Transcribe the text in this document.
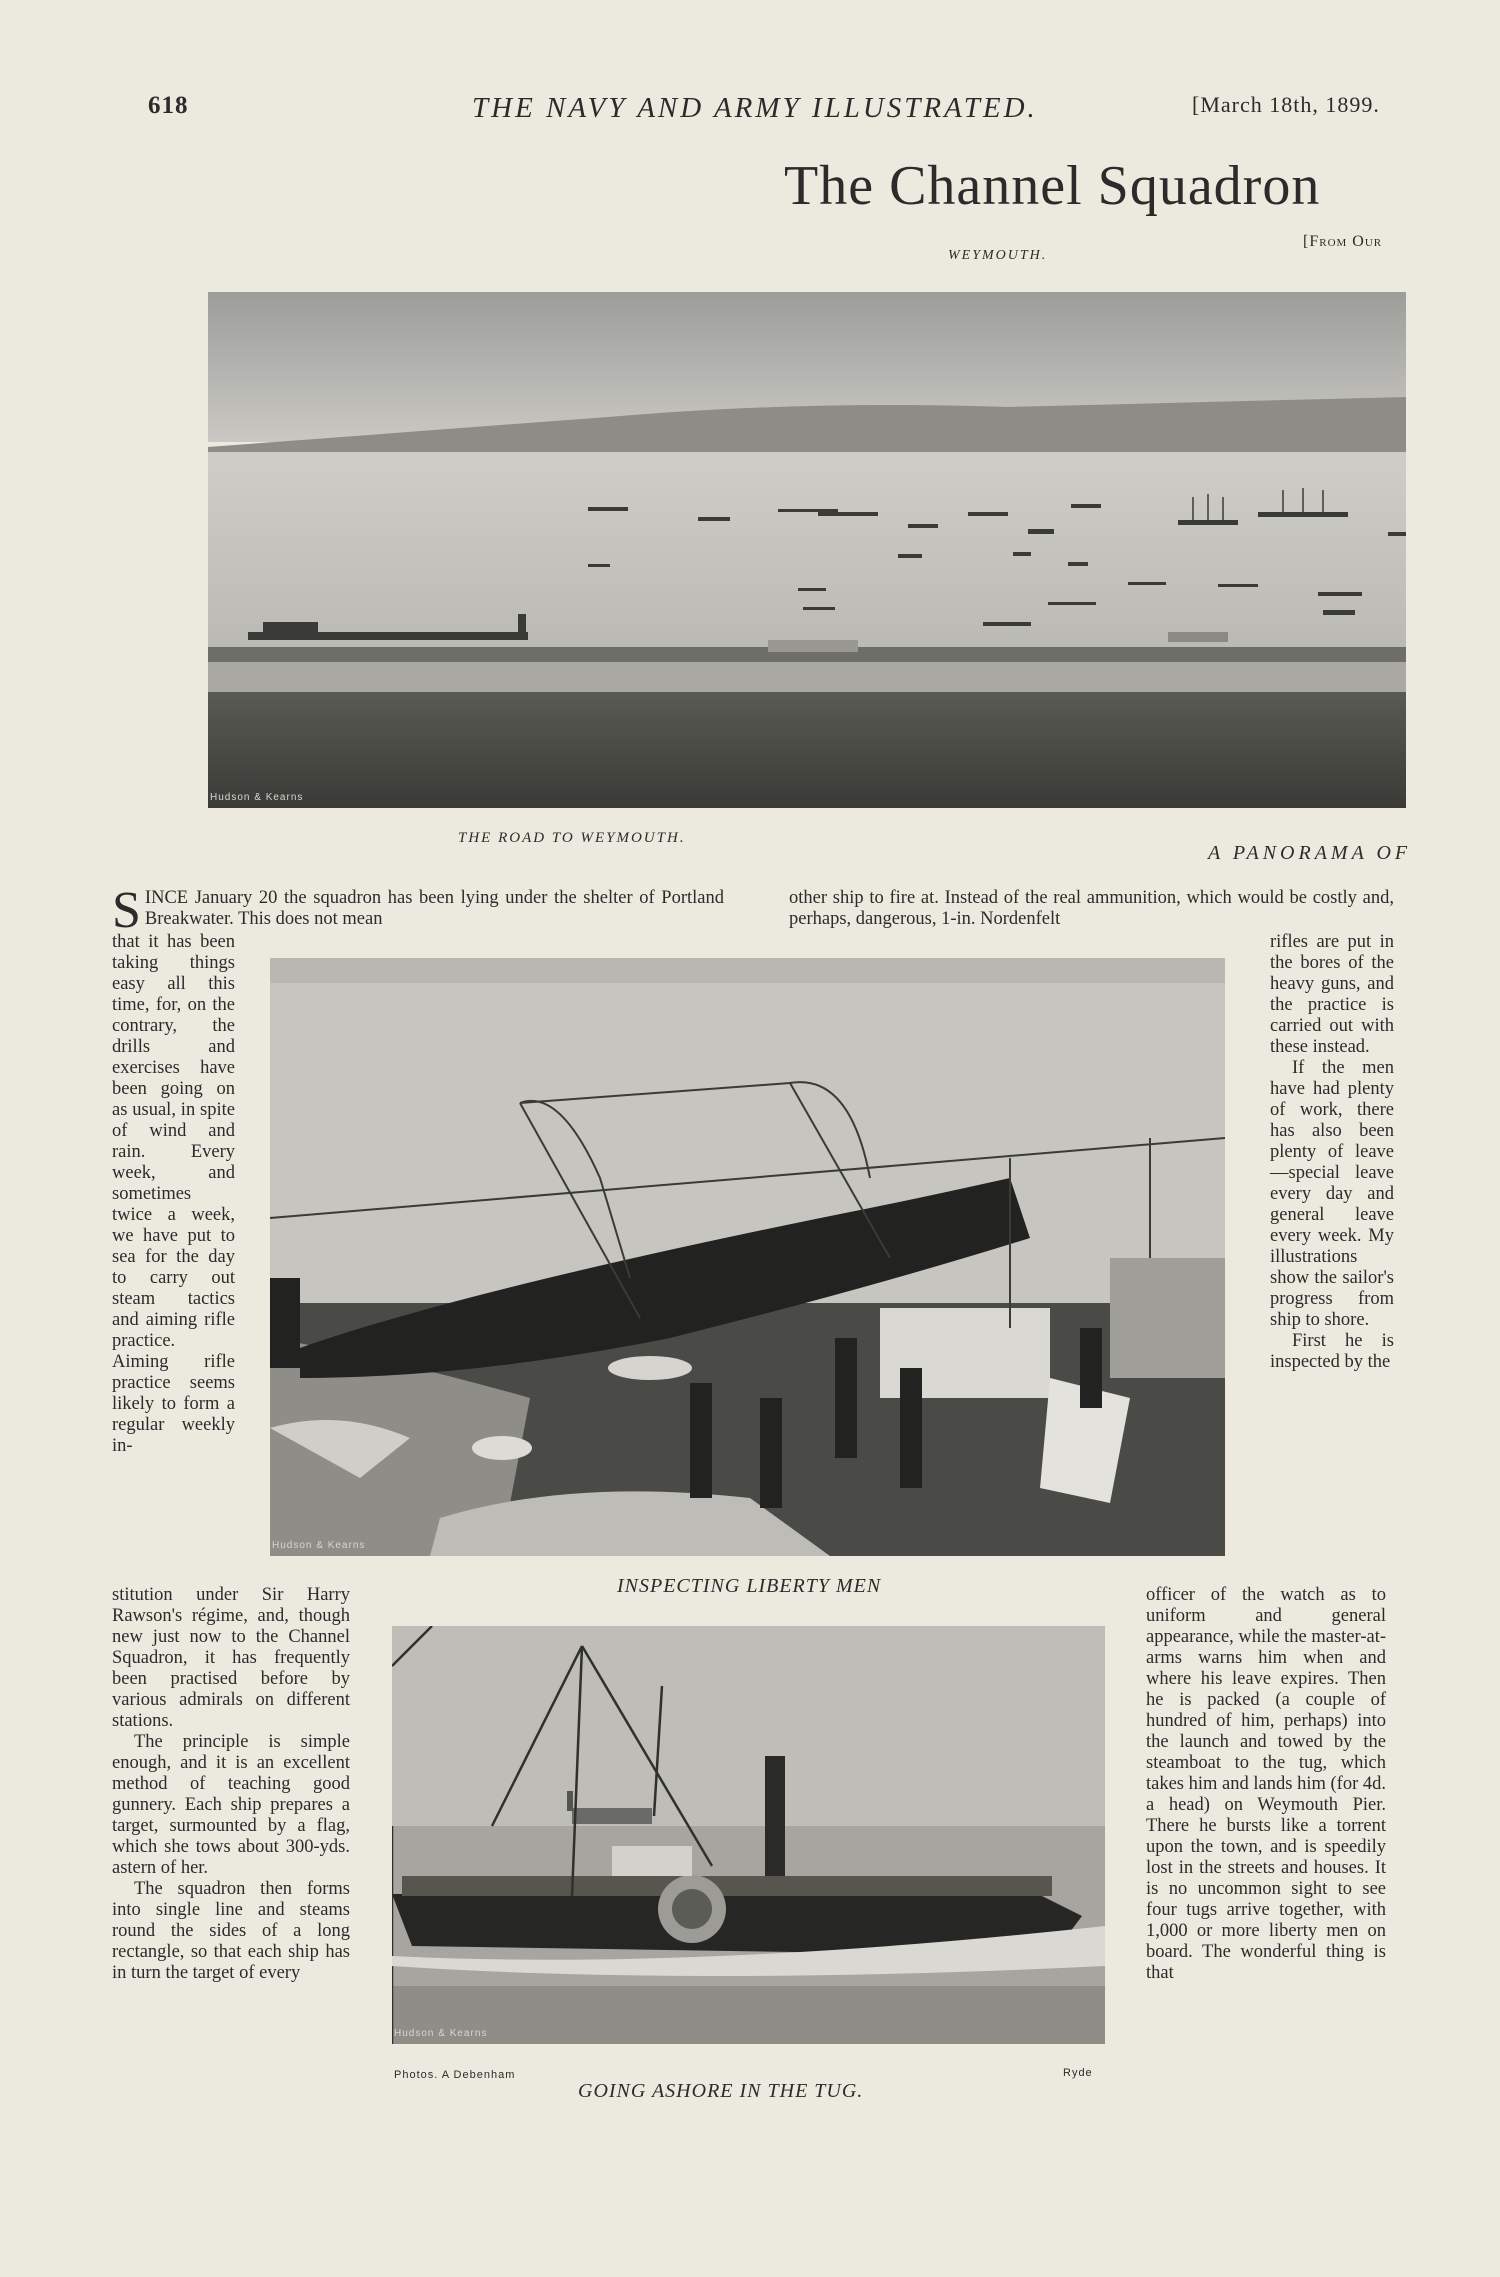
618	THE NAVY AND ARMY ILLUSTRATED.	[March 18th, 1899.
The Channel Squadron
WEYMOUTH.
[From Our
Hudson & Kearns
THE ROAD TO WEYMOUTH.
A PANORAMA OF
Hudson & Kearns
INSPECTING LIBERTY MEN
Hudson & Kearns
Photos. A Debenham	Ryde
GOING ASHORE IN THE TUG.
S INCE January 20 the squadron has been lying under the shelter of Portland Breakwater. This does not mean

that it has been taking things easy all this time, for, on the contrary, the drills and exercises have been going on as usual, in spite of wind and rain. Every week, and sometimes twice a week, we have put to sea for the day to carry out steam tactics and aiming rifle practice. Aiming rifle practice seems likely to form a regular weekly in-

stitution under Sir Harry Rawson's régime, and, though new just now to the Channel Squadron, it has frequently been practised before by various admirals on different stations.

The principle is simple enough, and it is an excellent method of teaching good gunnery. Each ship prepares a target, surmounted by a flag, which she tows about 300-yds. astern of her.

The squadron then forms into single line and steams round the sides of a long rectangle, so that each ship has in turn the target of every

other ship to fire at. Instead of the real ammunition, which would be costly and, perhaps, dangerous, 1-in. Nordenfelt

rifles are put in the bores of the heavy guns, and the practice is carried out with these instead.

If the men have had plenty of work, there has also been plenty of leave—special leave every day and general leave every week. My illustrations show the sailor's progress from ship to shore.

First he is inspected by the

officer of the watch as to uniform and general appearance, while the master-at-arms warns him when and where his leave expires. Then he is packed (a couple of hundred of him, perhaps) into the launch and towed by the steamboat to the tug, which takes him and lands him (for 4d. a head) on Weymouth Pier. There he bursts like a torrent upon the town, and is speedily lost in the streets and houses. It is no uncommon sight to see four tugs arrive together, with 1,000 or more liberty men on board. The wonderful thing is that
